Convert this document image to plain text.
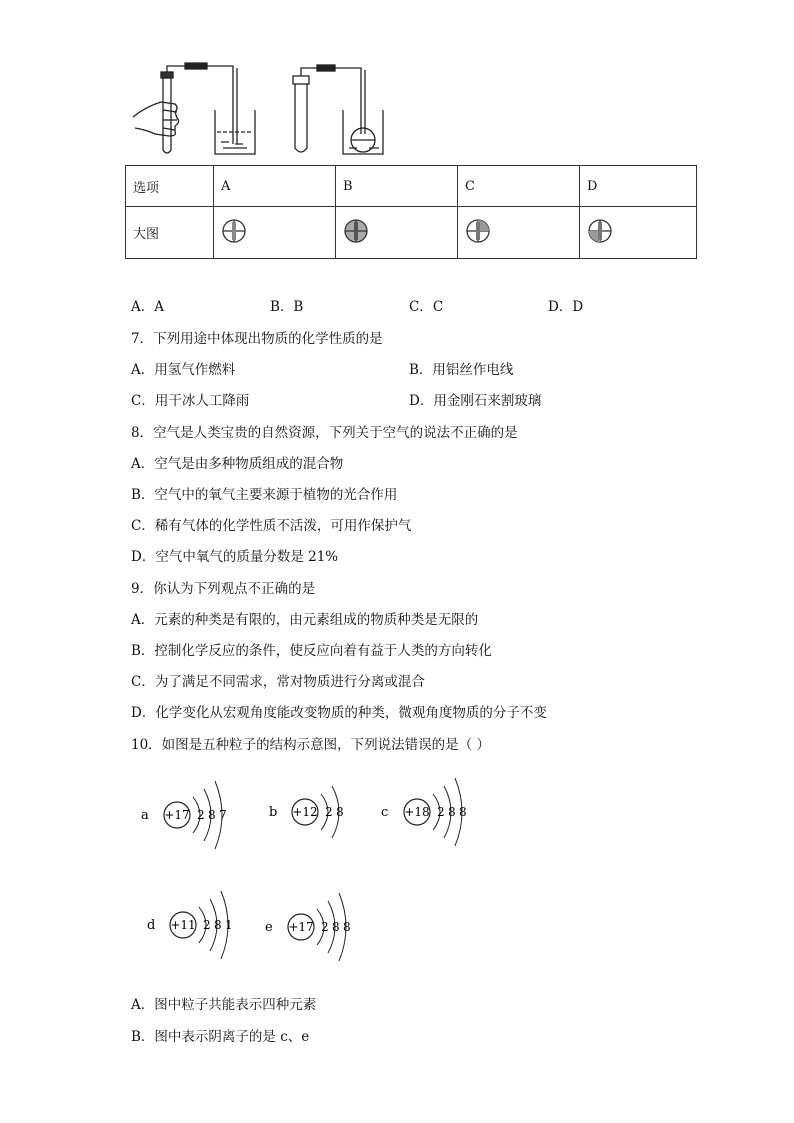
选项	A	B	C	D
大图				
A．A	B．B	C．C	D．D
7．下列用途中体现出物质的化学性质的是
A．用氢气作燃料	B．用铝丝作电线
C．用干冰人工降雨	D．用金刚石来割玻璃
8．空气是人类宝贵的自然资源，下列关于空气的说法不正确的是
A．空气是由多种物质组成的混合物
B．空气中的氧气主要来源于植物的光合作用
C．稀有气体的化学性质不活泼，可用作保护气
D．空气中氧气的质量分数是 21%
9．你认为下列观点不正确的是
A．元素的种类是有限的，由元素组成的物质种类是无限的
B．控制化学反应的条件，使反应向着有益于人类的方向转化
C．为了满足不同需求，常对物质进行分离或混合
D．化学变化从宏观角度能改变物质的种类，微观角度物质的分子不变
10．如图是五种粒子的结构示意图，下列说法错误的是（ ）
a +17 2 8 7	b +12 2 8	c +18 2 8 8
d +11 2 8 1 e +17 2 8 8
A．图中粒子共能表示四种元素
B．图中表示阴离子的是 c、e
